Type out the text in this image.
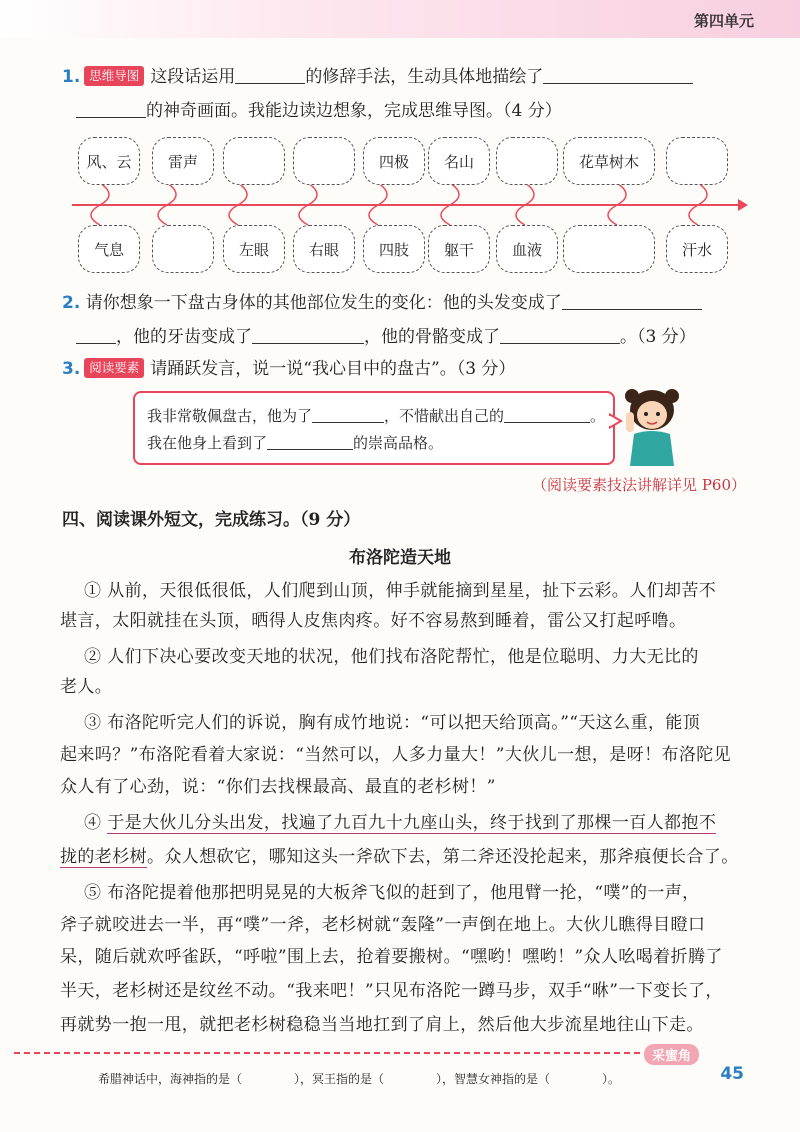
第四单元
1. 思维导图 这段话运用	的修辞手法，生动具体地描绘了
的神奇画面。我能边读边想象，完成思维导图。（4 分）
风、云	雷声	四极	名山	花草树木
气息	左眼	右眼	四肢	躯干	血液	汗水
2. 请你想象一下盘古身体的其他部位发生的变化：他的头发变成了
，他的牙齿变成了	，他的骨骼变成了	。（3 分）
3. 阅读要素 请踊跃发言，说一说“我心目中的盘古”。（3 分）
我非常敬佩盘古，他为了	，不惜献出自己的	。
我在他身上看到了	的崇高品格。
（阅读要素技法讲解详见 P60）
四、阅读课外短文，完成练习。（9 分）
布洛陀造天地
① 从前，天很低很低，人们爬到山顶，伸手就能摘到星星，扯下云彩。人们却苦不
堪言，太阳就挂在头顶，晒得人皮焦肉疼。好不容易熬到睡着，雷公又打起呼噜。
② 人们下决心要改变天地的状况，他们找布洛陀帮忙，他是位聪明、力大无比的
老人。
③ 布洛陀听完人们的诉说，胸有成竹地说：“可以把天给顶高。”“天这么重，能顶
起来吗？”布洛陀看着大家说：“当然可以，人多力量大！”大伙儿一想，是呀！布洛陀见
众人有了心劲，说：“你们去找棵最高、最直的老杉树！”
④ 于是大伙儿分头出发，找遍了九百九十九座山头，终于找到了那棵一百人都抱不
拢的老杉树。众人想砍它，哪知这头一斧砍下去，第二斧还没抡起来，那斧痕便长合了。
⑤ 布洛陀提着他那把明晃晃的大板斧飞似的赶到了，他甩臂一抡，“噗”的一声，
斧子就咬进去一半，再“噗”一斧，老杉树就“轰隆”一声倒在地上。大伙儿瞧得目瞪口
呆，随后就欢呼雀跃，“呼啦”围上去，抢着要搬树。“嘿哟！嘿哟！”众人吆喝着折腾了
半天，老杉树还是纹丝不动。“我来吧！”只见布洛陀一蹲马步，双手“咻”一下变长了，
再就势一抱一甩，就把老杉树稳稳当当地扛到了肩上，然后他大步流星地往山下走。
采蜜角
希腊神话中，海神指的是（	），冥王指的是（	），智慧女神指的是（	）。	45
